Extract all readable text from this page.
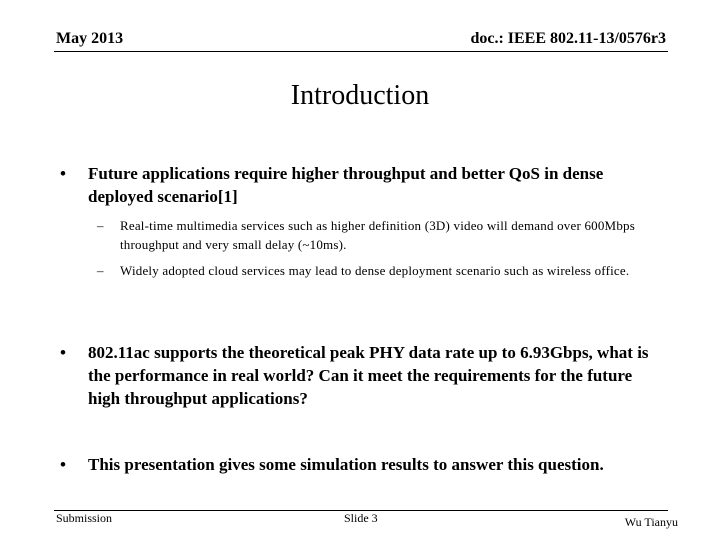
May 2013	doc.: IEEE 802.11-13/0576r3
Introduction
• Future applications require higher throughput and better QoS in dense deployed scenario[1]
– Real-time multimedia services such as higher definition (3D) video will demand over 600Mbps throughput and very small delay (~10ms).
– Widely adopted cloud services may lead to dense deployment scenario such as wireless office.
• 802.11ac supports the theoretical peak PHY data rate up to 6.93Gbps, what is the performance in real world? Can it meet the requirements for the future high throughput applications?
• This presentation gives some simulation results to answer this question.
Submission	Slide 3	Wu Tianyu
